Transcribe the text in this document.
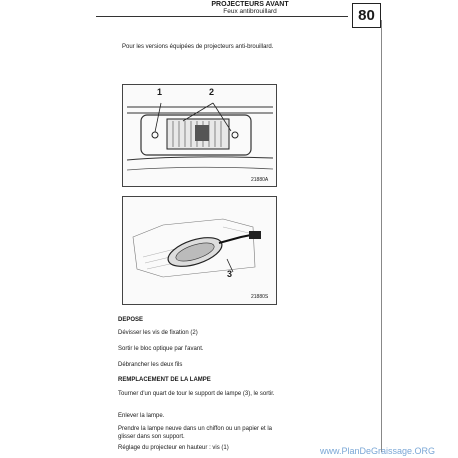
PROJECTEURS AVANT
Feux antibrouillard	80
Pour les versions équipées de projecteurs anti-brouillard.
1	2
21880A
3
21880S
DEPOSE
Dévisser les vis de fixation (2)
Sortir le bloc optique par l'avant.
Débrancher les deux fils
REMPLACEMENT DE LA LAMPE
Tourner d'un quart de tour le support de lampe (3), le sortir.
Enlever la lampe.
Prendre la lampe neuve dans un chiffon ou un papier et la glisser dans son support.
Réglage du projecteur en hauteur : vis (1)	www.PlanDeGraissage.ORG
